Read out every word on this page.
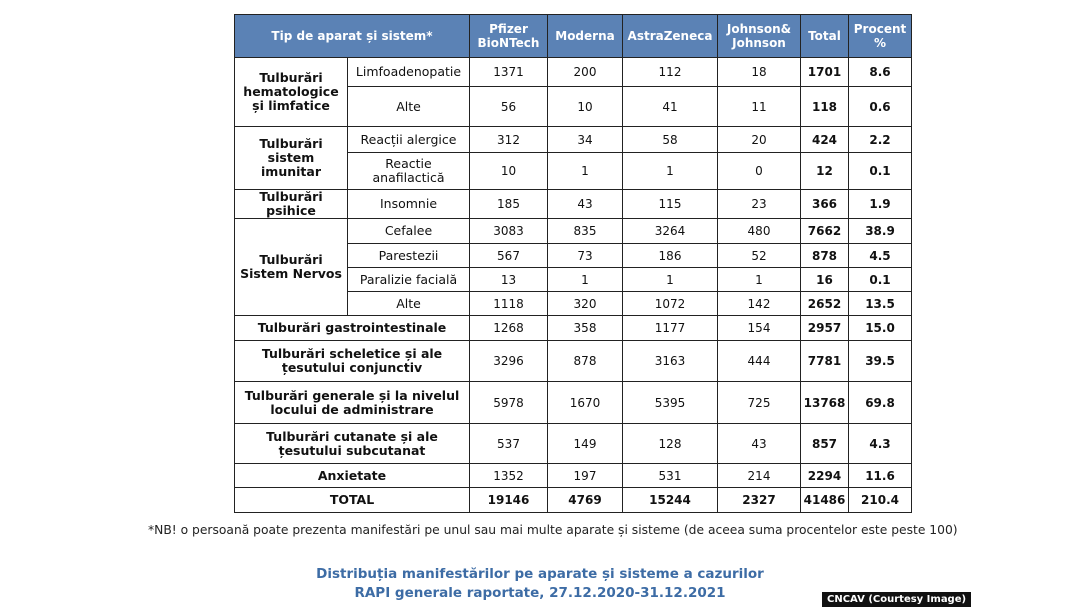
Tip de aparat și sistem*		Pfizer BioNTech	Moderna	AstraZeneca	Johnson& Johnson	Total	Procent %
Tulburări hematologice și limfatice	Limfoadenopatie	1371	200	112	18	1701	8.6
	Alte	56	10	41	11	118	0.6
Tulburări sistem imunitar	Reacții alergice	312	34	58	20	424	2.2
	Reactie anafilactică	10	1	1	0	12	0.1
Tulburări psihice	Insomnie	185	43	115	23	366	1.9
Tulburări Sistem Nervos	Cefalee	3083	835	3264	480	7662	38.9
	Parestezii	567	73	186	52	878	4.5
	Paralizie facială	13	1	1	1	16	0.1
	Alte	1118	320	1072	142	2652	13.5
Tulburări gastrointestinale		1268	358	1177	154	2957	15.0
Tulburări scheletice și ale țesutului conjunctiv		3296	878	3163	444	7781	39.5
Tulburări generale și la nivelul locului de administrare		5978	1670	5395	725	13768	69.8
Tulburări cutanate și ale țesutului subcutanat		537	149	128	43	857	4.3
Anxietate		1352	197	531	214	2294	11.6
TOTAL		19146	4769	15244	2327	41486	210.4
*NB! o persoană poate prezenta manifestări pe unul sau mai multe aparate și sisteme (de aceea suma procentelor este peste 100)
Distribuția manifestărilor pe aparate și sisteme a cazurilor
RAPI generale raportate, 27.12.2020-31.12.2021	CNCAV (Courtesy Image)
